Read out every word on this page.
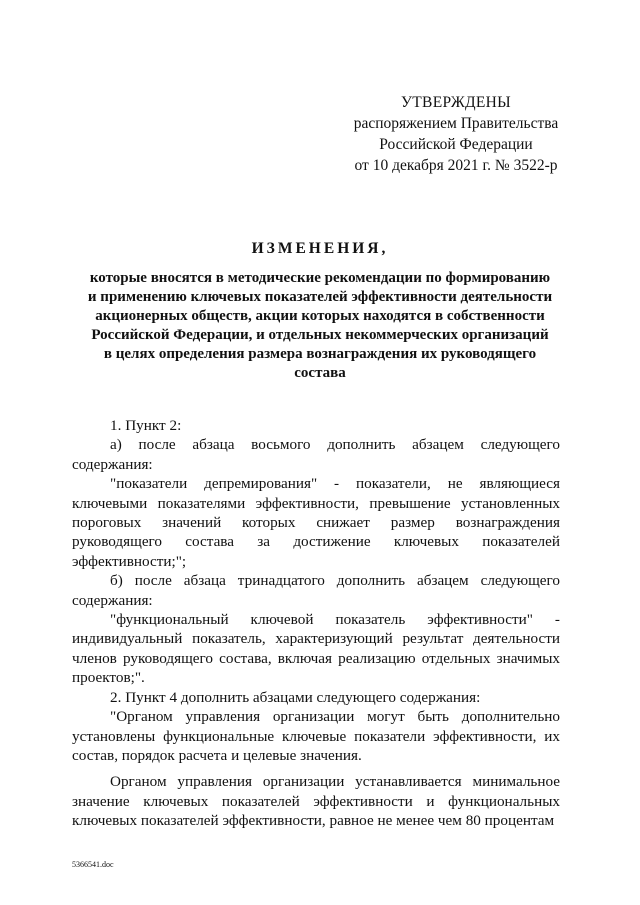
УТВЕРЖДЕНЫ
распоряжением Правительства
Российской Федерации
от 10 декабря 2021 г. № 3522-р
ИЗМЕНЕНИЯ,
которые вносятся в методические рекомендации по формированию
и применению ключевых показателей эффективности деятельности
акционерных обществ, акции которых находятся в собственности
Российской Федерации, и отдельных некоммерческих организаций
в целях определения размера вознаграждения их руководящего
состава

1. Пункт 2:

а) после абзаца восьмого дополнить абзацем следующего содержания:

"показатели депремирования" - показатели, не являющиеся ключевыми показателями эффективности, превышение установленных пороговых значений которых снижает размер вознаграждения руководящего состава за достижение ключевых показателей эффективности;";

б) после абзаца тринадцатого дополнить абзацем следующего содержания:

"функциональный ключевой показатель эффективности" - индивидуальный показатель, характеризующий результат деятельности членов руководящего состава, включая реализацию отдельных значимых проектов;".

2. Пункт 4 дополнить абзацами следующего содержания:

"Органом управления организации могут быть дополнительно установлены функциональные ключевые показатели эффективности, их состав, порядок расчета и целевые значения.

Органом управления организации устанавливается минимальное значение ключевых показателей эффективности и функциональных ключевых показателей эффективности, равное не менее чем 80 процентам

5366541.doc
